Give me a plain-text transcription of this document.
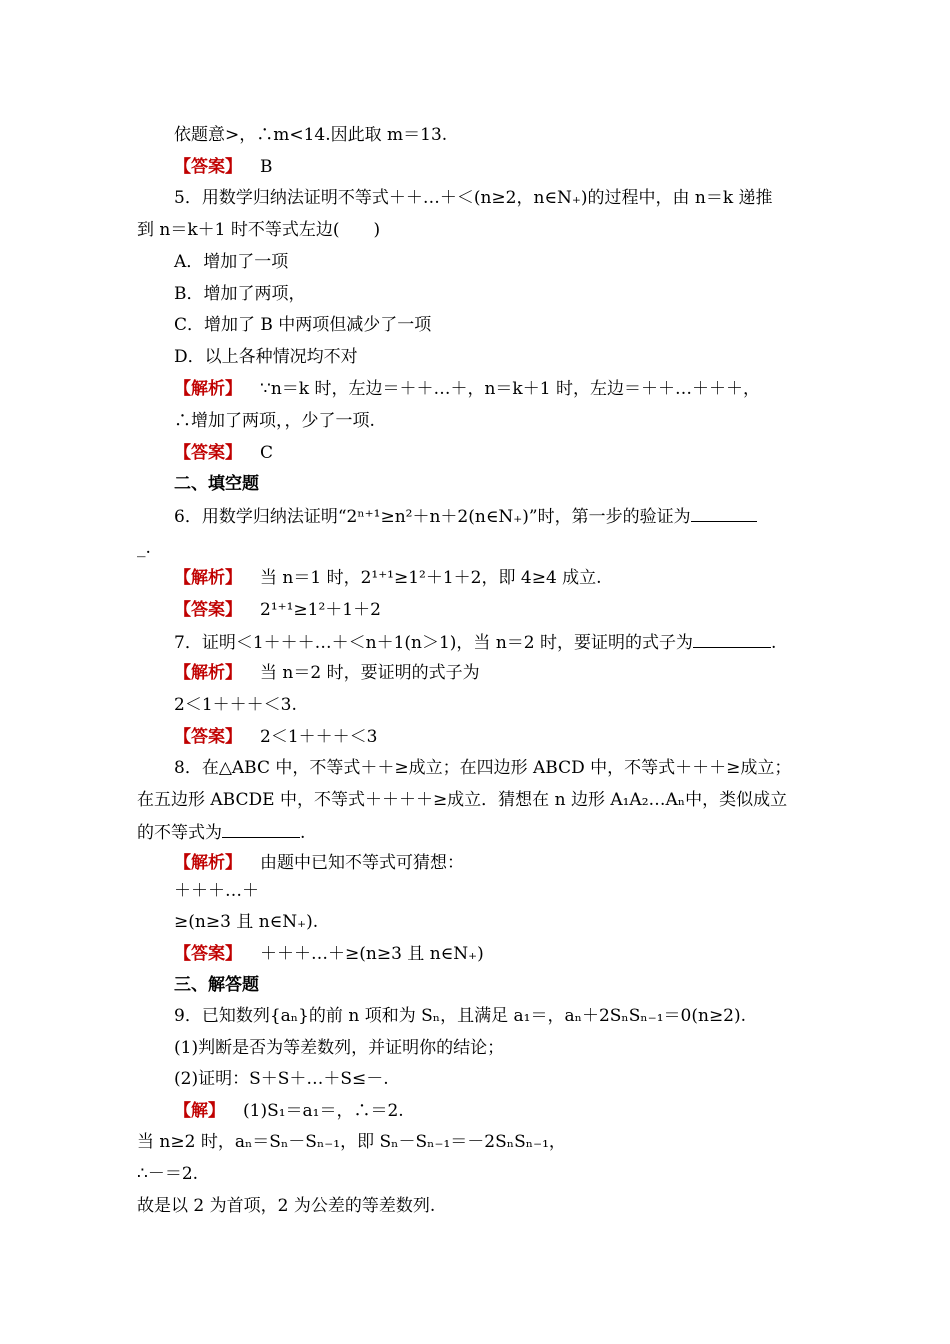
依题意>，∴m<14.因此取 m＝13.
【答案】 B
5．用数学归纳法证明不等式＋＋…＋＜(n≥2，n∈N₊)的过程中，由 n＝k 递推
到 n＝k＋1 时不等式左边(　　)
A．增加了一项
B．增加了两项，
C．增加了 B 中两项但减少了一项
D．以上各种情况均不对
【解析】 ∵n＝k 时，左边＝＋＋…＋，n＝k＋1 时，左边＝＋＋…＋＋＋，
∴增加了两项，，少了一项.
【答案】 C
二、填空题
6．用数学归纳法证明“2ⁿ⁺¹≥n²＋n＋2(n∈N₊)”时，第一步的验证为
_.
【解析】 当 n＝1 时，2¹⁺¹≥1²＋1＋2，即 4≥4 成立.
【答案】 2¹⁺¹≥1²＋1＋2
7．证明＜1＋＋＋…＋＜n＋1(n＞1)，当 n＝2 时，要证明的式子为	.
【解析】 当 n＝2 时，要证明的式子为
2＜1＋＋＋＜3.
【答案】 2＜1＋＋＋＜3
8．在△ABC 中，不等式＋＋≥成立；在四边形 ABCD 中，不等式＋＋＋≥成立；
在五边形 ABCDE 中，不等式＋＋＋＋≥成立．猜想在 n 边形 A₁A₂…Aₙ中，类似成立
的不等式为	.
【解析】 由题中已知不等式可猜想：
＋＋＋…＋
≥(n≥3 且 n∈N₊).
【答案】 ＋＋＋…＋≥(n≥3 且 n∈N₊)
三、解答题
9．已知数列{aₙ}的前 n 项和为 Sₙ，且满足 a₁＝，aₙ＋2SₙSₙ₋₁＝0(n≥2).
(1)判断是否为等差数列，并证明你的结论；
(2)证明：S＋S＋…＋S≤－.
【解】 (1)S₁＝a₁＝，∴＝2.
当 n≥2 时，aₙ＝Sₙ－Sₙ₋₁，即 Sₙ－Sₙ₋₁＝－2SₙSₙ₋₁，
∴－＝2.
故是以 2 为首项，2 为公差的等差数列.
